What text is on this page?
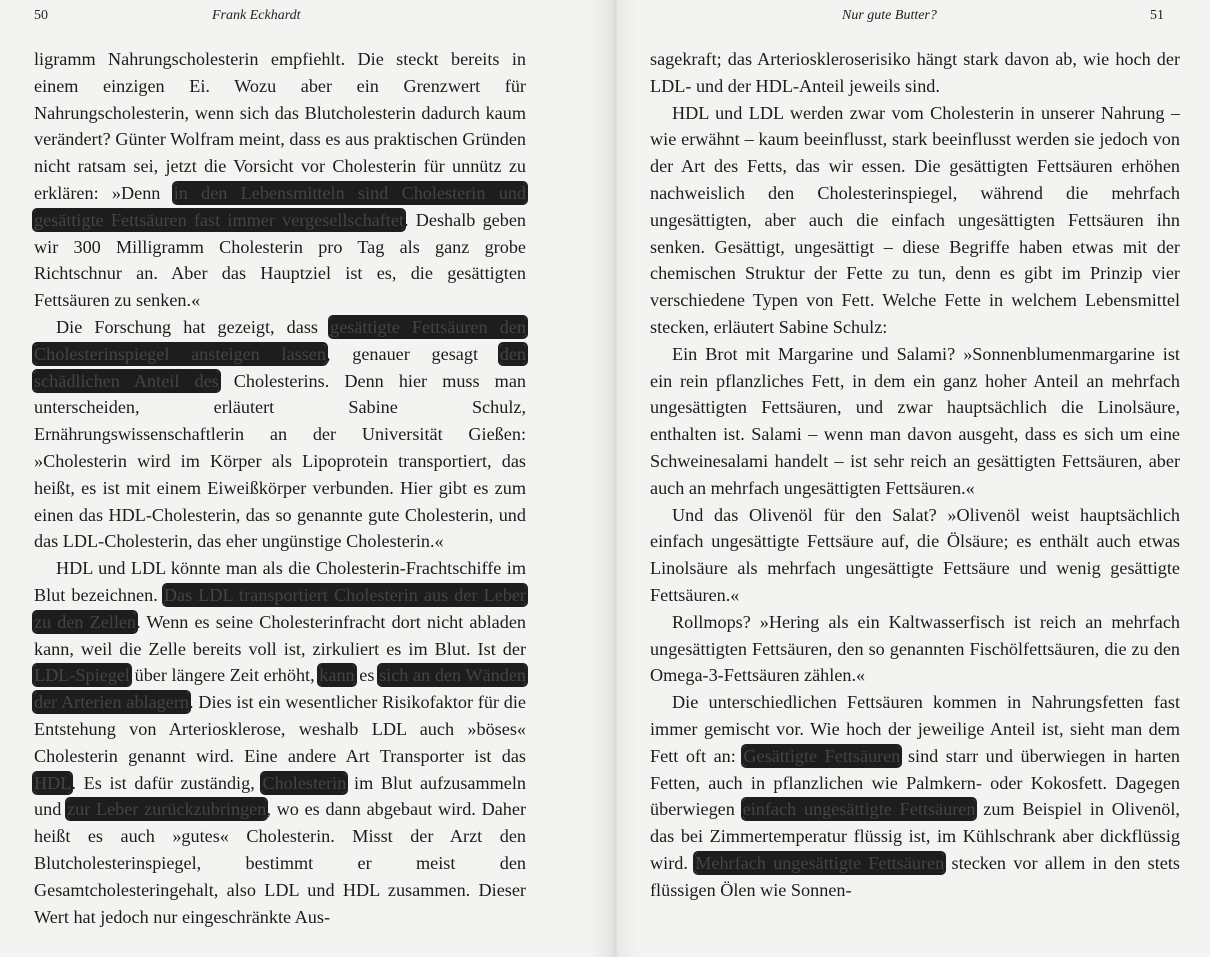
50	Frank Eckhardt

ligramm Nahrungscholesterin empfiehlt. Die steckt bereits in einem einzigen Ei. Wozu aber ein Grenzwert für Nahrungscholesterin, wenn sich das Blutcholesterin dadurch kaum verändert? Günter Wolfram meint, dass es aus praktischen Gründen nicht ratsam sei, jetzt die Vorsicht vor Cholesterin für unnütz zu erklären: »Denn in den Lebensmitteln sind Cholesterin und gesättigte Fettsäuren fast immer vergesellschaftet. Deshalb geben wir 300 Milligramm Cholesterin pro Tag als ganz grobe Richtschnur an. Aber das Hauptziel ist es, die gesättigten Fettsäuren zu senken.«

Die Forschung hat gezeigt, dass gesättigte Fettsäuren den Cholesterinspiegel ansteigen lassen, genauer gesagt den schädlichen Anteil des Cholesterins. Denn hier muss man unterscheiden, erläutert Sabine Schulz, Ernährungswissenschaftlerin an der Universität Gießen: »Cholesterin wird im Körper als Lipoprotein transportiert, das heißt, es ist mit einem Eiweißkörper verbunden. Hier gibt es zum einen das HDL-Cholesterin, das so genannte gute Cholesterin, und das LDL-Cholesterin, das eher ungünstige Cholesterin.«

HDL und LDL könnte man als die Cholesterin-Frachtschiffe im Blut bezeichnen. Das LDL transportiert Cholesterin aus der Leber zu den Zellen. Wenn es seine Cholesterinfracht dort nicht abladen kann, weil die Zelle bereits voll ist, zirkuliert es im Blut. Ist der LDL-Spiegel über längere Zeit erhöht, kann es sich an den Wänden der Arterien ablagern. Dies ist ein wesentlicher Risikofaktor für die Entstehung von Arteriosklerose, weshalb LDL auch »böses« Cholesterin genannt wird. Eine andere Art Transporter ist das HDL. Es ist dafür zuständig, Cholesterin im Blut aufzusammeln und zur Leber zurückzubringen, wo es dann abgebaut wird. Daher heißt es auch »gutes« Cholesterin. Misst der Arzt den Blutcholesterinspiegel, bestimmt er meist den Gesamtcholesteringehalt, also LDL und HDL zusammen. Dieser Wert hat jedoch nur eingeschränkte Aus-

Nur gute Butter?	51

sagekraft; das Arterioskleroserisiko hängt stark davon ab, wie hoch der LDL- und der HDL-Anteil jeweils sind.

HDL und LDL werden zwar vom Cholesterin in unserer Nahrung – wie erwähnt – kaum beeinflusst, stark beeinflusst werden sie jedoch von der Art des Fetts, das wir essen. Die gesättigten Fettsäuren erhöhen nachweislich den Cholesterinspiegel, während die mehrfach ungesättigten, aber auch die einfach ungesättigten Fettsäuren ihn senken. Gesättigt, ungesättigt – diese Begriffe haben etwas mit der chemischen Struktur der Fette zu tun, denn es gibt im Prinzip vier verschiedene Typen von Fett. Welche Fette in welchem Lebensmittel stecken, erläutert Sabine Schulz:

Ein Brot mit Margarine und Salami? »Sonnenblumenmargarine ist ein rein pflanzliches Fett, in dem ein ganz hoher Anteil an mehrfach ungesättigten Fettsäuren, und zwar hauptsächlich die Linolsäure, enthalten ist. Salami – wenn man davon ausgeht, dass es sich um eine Schweinesalami handelt – ist sehr reich an gesättigten Fettsäuren, aber auch an mehrfach ungesättigten Fettsäuren.«

Und das Olivenöl für den Salat? »Olivenöl weist hauptsächlich einfach ungesättigte Fettsäure auf, die Ölsäure; es enthält auch etwas Linolsäure als mehrfach ungesättigte Fettsäure und wenig gesättigte Fettsäuren.«

Rollmops? »Hering als ein Kaltwasserfisch ist reich an mehrfach ungesättigten Fettsäuren, den so genannten Fischölfettsäuren, die zu den Omega-3-Fettsäuren zählen.«

Die unterschiedlichen Fettsäuren kommen in Nahrungsfetten fast immer gemischt vor. Wie hoch der jeweilige Anteil ist, sieht man dem Fett oft an: Gesättigte Fettsäuren sind starr und überwiegen in harten Fetten, auch in pflanzlichen wie Palmkern- oder Kokosfett. Dagegen überwiegen einfach ungesättigte Fettsäuren zum Beispiel in Olivenöl, das bei Zimmertemperatur flüssig ist, im Kühlschrank aber dickflüssig wird. Mehrfach ungesättigte Fettsäuren stecken vor allem in den stets flüssigen Ölen wie Sonnen-
